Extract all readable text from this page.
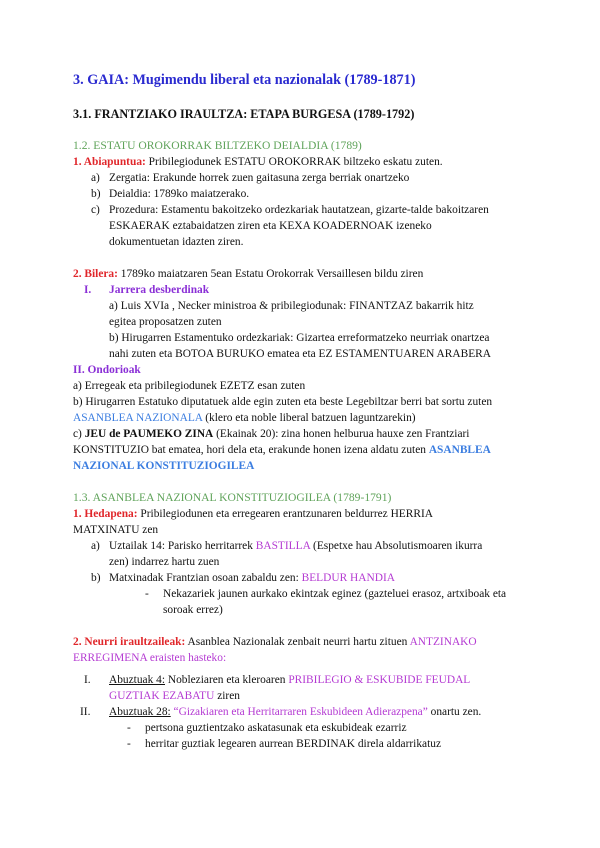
3. GAIA: Mugimendu liberal eta nazionalak (1789-1871)
3.1. FRANTZIAKO IRAULTZA: ETAPA BURGESA (1789-1792)
1.2. ESTATU OROKORRAK BILTZEKO DEIALDIA (1789)
1. Abiapuntua: Pribilegiodunek ESTATU OROKORRAK biltzeko eskatu zuten.
a) Zergatia: Erakunde horrek zuen gaitasuna zerga berriak onartzeko
b) Deialdia: 1789ko maiatzerako.
c) Prozedura: Estamentu bakoitzeko ordezkariak hautatzean, gizarte-talde bakoitzaren
ESKAERAK eztabaidatzen ziren eta KEXA KOADERNOAK izeneko
dokumentuetan idazten ziren.
2. Bilera: 1789ko maiatzaren 5ean Estatu Orokorrak Versaillesen bildu ziren
I. Jarrera desberdinak
a) Luis XVIa , Necker ministroa & pribilegiodunak: FINANTZAZ bakarrik hitz
egitea proposatzen zuten
b) Hirugarren Estamentuko ordezkariak: Gizartea erreformatzeko neurriak onartzea
nahi zuten eta BOTOA BURUKO ematea eta EZ ESTAMENTUAREN ARABERA
II. Ondorioak
a) Erregeak eta pribilegiodunek EZETZ esan zuten
b) Hirugarren Estatuko diputatuek alde egin zuten eta beste Legebiltzar berri bat sortu zuten
ASANBLEA NAZIONALA (klero eta noble liberal batzuen laguntzarekin)
c) JEU de PAUMEKO ZINA (Ekainak 20): zina honen helburua hauxe zen Frantziari
KONSTITUZIO bat ematea, hori dela eta, erakunde honen izena aldatu zuten ASANBLEA
NAZIONAL KONSTITUZIOGILEA
1.3. ASANBLEA NAZIONAL KONSTITUZIOGILEA (1789-1791)
1. Hedapena: Pribilegiodunen eta erregearen erantzunaren beldurrez HERRIA
MATXINATU zen
a) Uztailak 14: Parisko herritarrek BASTILLA (Espetxe hau Absolutismoaren ikurra
zen) indarrez hartu zuen
b) Matxinadak Frantzian osoan zabaldu zen: BELDUR HANDIA
- Nekazariek jaunen aurkako ekintzak eginez (gazteluei erasoz, artxiboak eta
soroak errez)
2. Neurri iraultzaileak: Asanblea Nazionalak zenbait neurri hartu zituen ANTZINAKO
ERREGIMENA eraisten hasteko:
I. Abuztuak 4: Nobleziaren eta kleroaren PRIBILEGIO & ESKUBIDE FEUDAL
GUZTIAK EZABATU ziren
II. Abuztuak 28: “Gizakiaren eta Herritarraren Eskubideen Adierazpena” onartu zen.
- pertsona guztientzako askatasunak eta eskubideak ezarriz
- herritar guztiak legearen aurrean BERDINAK direla aldarrikatuz
